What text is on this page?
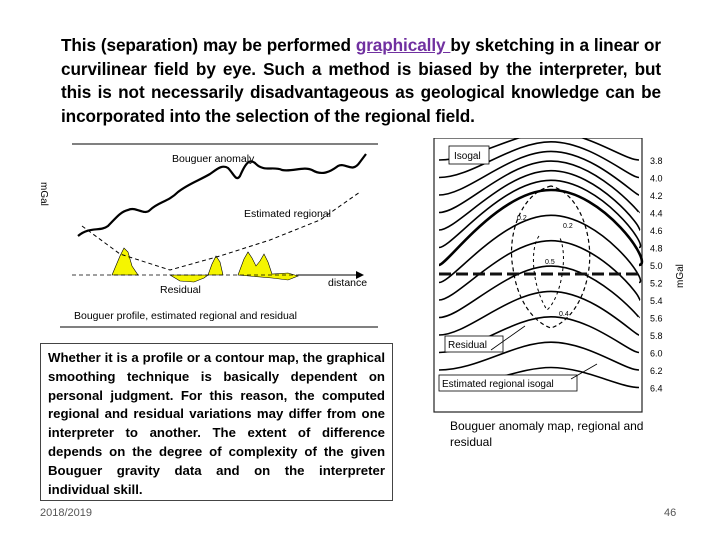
This (separation) may be performed graphically by sketching in a linear or curvilinear field by eye. Such a method is biased by the interpreter, but this is not necessarily disadvantageous as geological knowledge can be incorporated into the selection of the regional field.
mGal
Bouguer anomaly
Estimated regional
Residual
distance
Bouguer profile, estimated regional and residual
Whether it is a profile or a contour map, the graphical smoothing technique is basically dependent on personal judgment. For this reason, the computed regional and residual variations may differ from one interpreter to another. The extent of difference depends on the degree of complexity of the given Bouguer gravity data and on the interpreter individual skill.
Isogal
Residual
Estimated regional isogal
0.2
0.5
0.4
0.2
3.8
4.0
4.2
4.4
4.6
4.8
5.0
5.2
5.4
5.6
5.8
6.0
6.2
6.4
mGal
Bouguer anomaly map, regional and residual
2018/2019	46
